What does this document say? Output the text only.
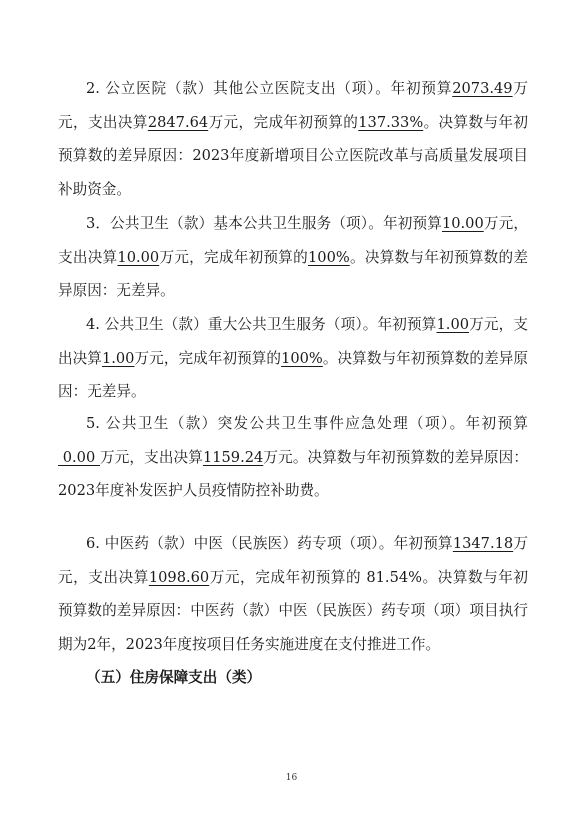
2. 公立医院（款）其他公立医院支出（项）。年初预算2073.49万元，支出决算2847.64万元，完成年初预算的137.33%。决算数与年初预算数的差异原因：2023年度新增项目公立医院改革与高质量发展项目补助资金。

3．公共卫生（款）基本公共卫生服务（项）。年初预算10.00万元，支出决算10.00万元，完成年初预算的100%。决算数与年初预算数的差异原因：无差异。

4. 公共卫生（款）重大公共卫生服务（项）。年初预算1.00万元，支出决算1.00万元，完成年初预算的100%。决算数与年初预算数的差异原因：无差异。

5. 公共卫生（款）突发公共卫生事件应急处理（项）。年初预算 0.00 万元，支出决算1159.24万元。决算数与年初预算数的差异原因：2023年度补发医护人员疫情防控补助费。

6. 中医药（款）中医（民族医）药专项（项）。年初预算1347.18万元，支出决算1098.60万元，完成年初预算的 81.54%。决算数与年初预算数的差异原因：中医药（款）中医（民族医）药专项（项）项目执行期为2年，2023年度按项目任务实施进度在支付推进工作。

（五）住房保障支出（类）

16
